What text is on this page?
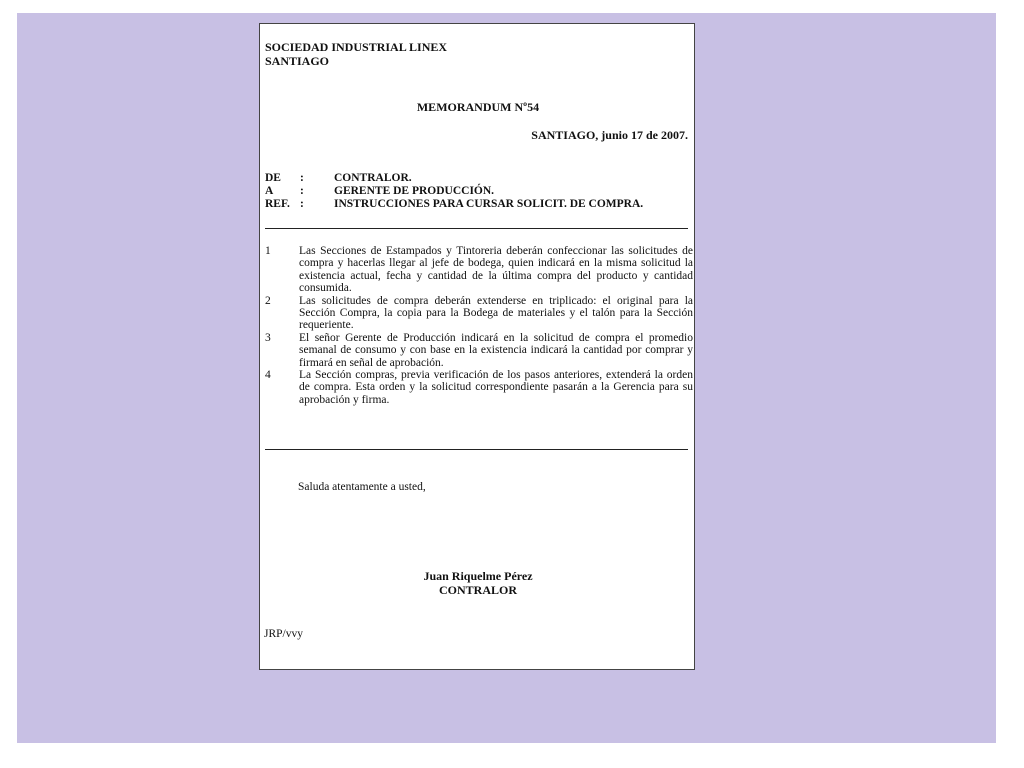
SOCIEDAD INDUSTRIAL LINEX
SANTIAGO
MEMORANDUM Nº54
SANTIAGO, junio 17 de 2007.
DE :	CONTRALOR.
A :	GERENTE DE PRODUCCIÓN.
REF. :	INSTRUCCIONES PARA CURSAR SOLICIT. DE COMPRA.
1	Las Secciones de Estampados y Tintoreria deberán confeccionar las solicitudes de compra y hacerlas llegar al jefe de bodega, quien indicará en la misma solicitud la existencia actual, fecha y cantidad de la última compra del producto y cantidad consumida.
2	Las solicitudes de compra deberán extenderse en triplicado: el original para la Sección Compra, la copia para la Bodega de materiales y el talón para la Sección requeriente.
3	El señor Gerente de Producción indicará en la solicitud de compra el promedio semanal de consumo y con base en la existencia indicará la cantidad por comprar y firmará en señal de aprobación.
4	La Sección compras, previa verificación de los pasos anteriores, extenderá la orden de compra. Esta orden y la solicitud correspondiente pasarán a la Gerencia para su aprobación y firma.
Saluda atentamente a usted,
Juan Riquelme Pérez
CONTRALOR
JRP/vvy
